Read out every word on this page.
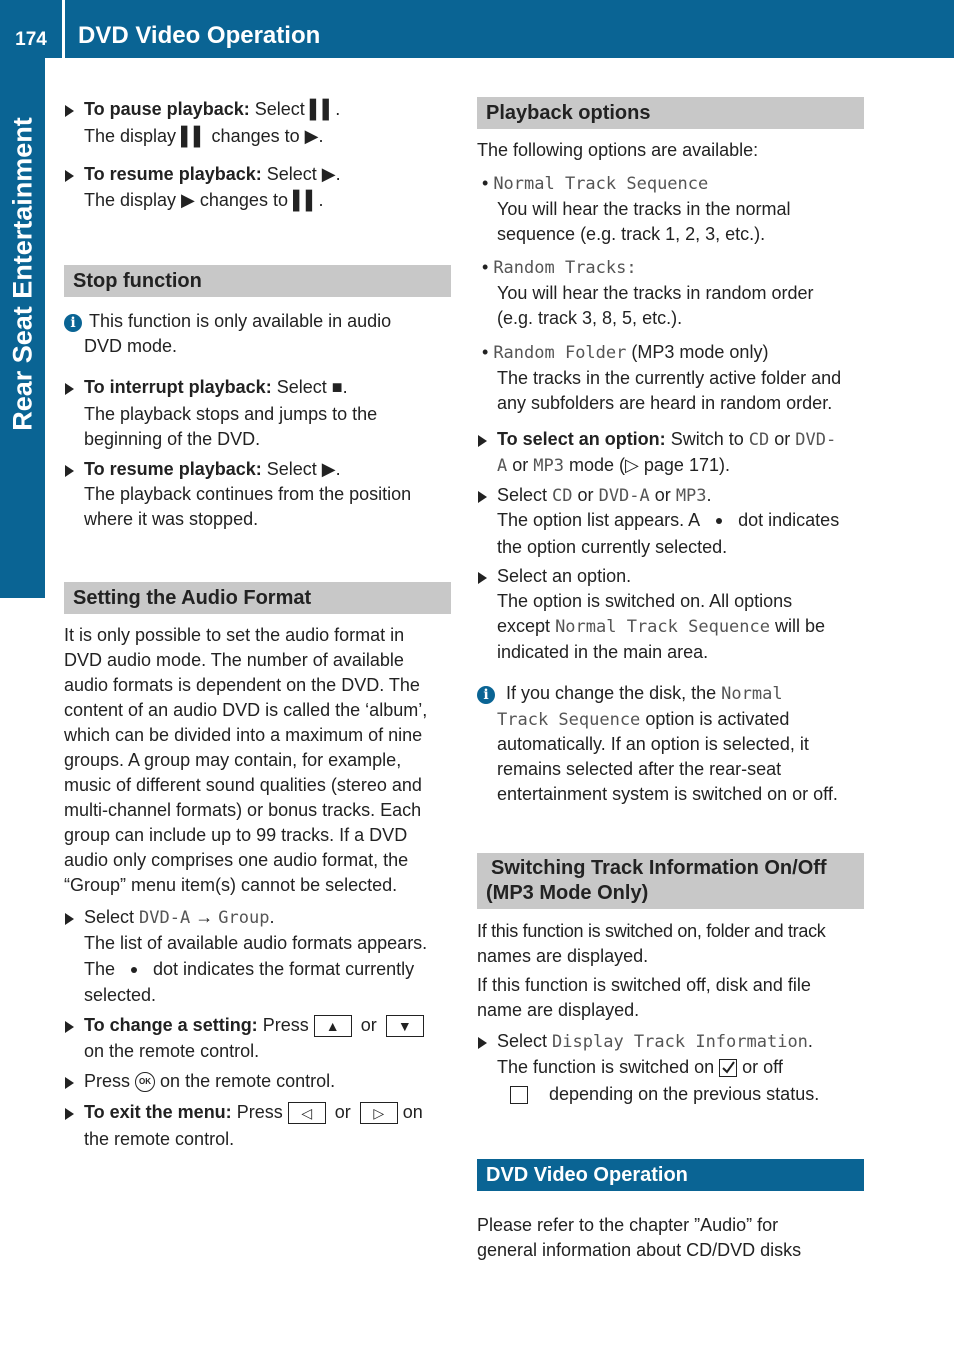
174	DVD Video Operation
Rear Seat Entertainment
To pause playback: Select ▌▌.
The display ▌▌ changes to ▶.
To resume playback: Select ▶.
The display ▶ changes to ▌▌.
Stop function
i This function is only available in audio
DVD mode.
To interrupt playback: Select ■.
The playback stops and jumps to the
beginning of the DVD.
To resume playback: Select ▶.
The playback continues from the position
where it was stopped.
Setting the Audio Format
It is only possible to set the audio format in
DVD audio mode. The number of available
audio formats is dependent on the DVD. The
content of an audio DVD is called the ‘album’,
which can be divided into a maximum of nine
groups. A group may contain, for example,
music of different sound qualities (stereo and
multi-channel formats) or bonus tracks. Each
group can include up to 99 tracks. If a DVD
audio only comprises one audio format, the
“Group” menu item(s) cannot be selected.
Select DVD-A → Group.
The list of available audio formats appears.
The dot indicates the format currently
selected.
To change a setting: Press ▲ or ▼
on the remote control.
Press OK on the remote control.
To exit the menu: Press ◁ or ▷ on
the remote control.
Playback options
The following options are available:
• Normal Track Sequence
You will hear the tracks in the normal
sequence (e.g. track 1, 2, 3, etc.).
• Random Tracks:
You will hear the tracks in random order
(e.g. track 3, 8, 5, etc.).
• Random Folder (MP3 mode only)
The tracks in the currently active folder and
any subfolders are heard in random order.
To select an option: Switch to CD or DVD-
A or MP3 mode (▷ page 171).
Select CD or DVD-A or MP3.
The option list appears. A dot indicates
the option currently selected.
Select an option.
The option is switched on. All options
except Normal Track Sequence will be
indicated in the main area.
i If you change the disk, the Normal
Track Sequence option is activated
automatically. If an option is selected, it
remains selected after the rear-seat
entertainment system is switched on or off.
Switching Track Information On/Off
(MP3 Mode Only)
If this function is switched on, folder and track
names are displayed.
If this function is switched off, disk and file
name are displayed.
Select Display Track Information.
The function is switched on or off
depending on the previous status.
DVD Video Operation
Please refer to the chapter ”Audio” for
general information about CD/DVD disks
